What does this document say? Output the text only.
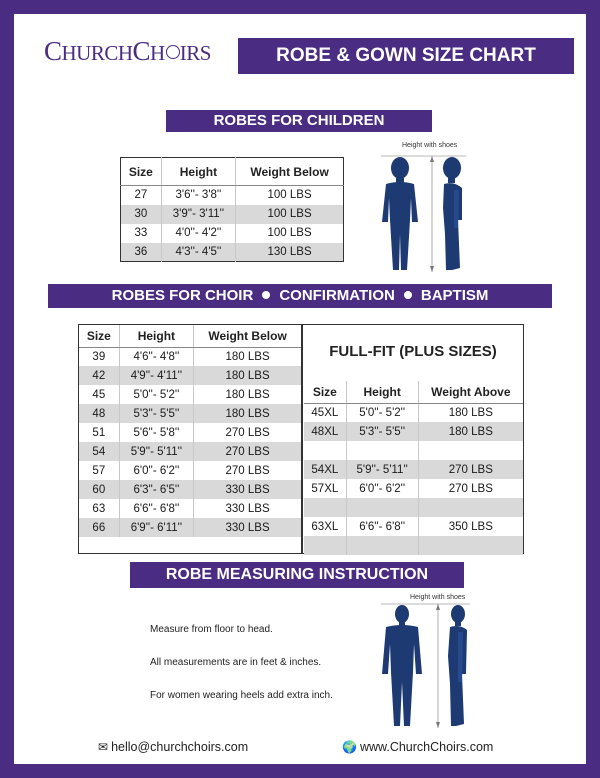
CHURCHCH IRS	ROBE & GOWN SIZE CHART
ROBES FOR CHILDREN
Size	Height	Weight Below
27	3'6''- 3'8''	100 LBS
30	3'9''- 3'11''	100 LBS
33	4'0''- 4'2''	100 LBS
36	4'3''- 4'5''	130 LBS
Height with shoes
ROBES FOR CHOIR CONFIRMATION BAPTISM
Size	Height	Weight Below
39	4'6''- 4'8''	180 LBS
42	4'9''- 4'11''	180 LBS
45	5'0''- 5'2''	180 LBS
48	5'3''- 5'5''	180 LBS
51	5'6''- 5'8''	270 LBS
54	5'9''- 5'11''	270 LBS
57	6'0''- 6'2''	270 LBS
60	6'3''- 6'5''	330 LBS
63	6'6''- 6'8''	330 LBS
66	6'9''- 6'11''	330 LBS
FULL-FIT (PLUS SIZES)
Size	Height	Weight Above
45XL	5'0''- 5'2''	180 LBS
48XL	5'3''- 5'5''	180 LBS

54XL	5'9''- 5'11''	270 LBS
57XL	6'0''- 6'2''	270 LBS

63XL	6'6''- 6'8''	350 LBS

ROBE MEASURING INSTRUCTION
Measure from floor to head.
All measurements are in feet & inches.
For women wearing heels add extra inch.
Height with shoes
✉ hello@churchchoirs.com	🌍 www.ChurchChoirs.com
